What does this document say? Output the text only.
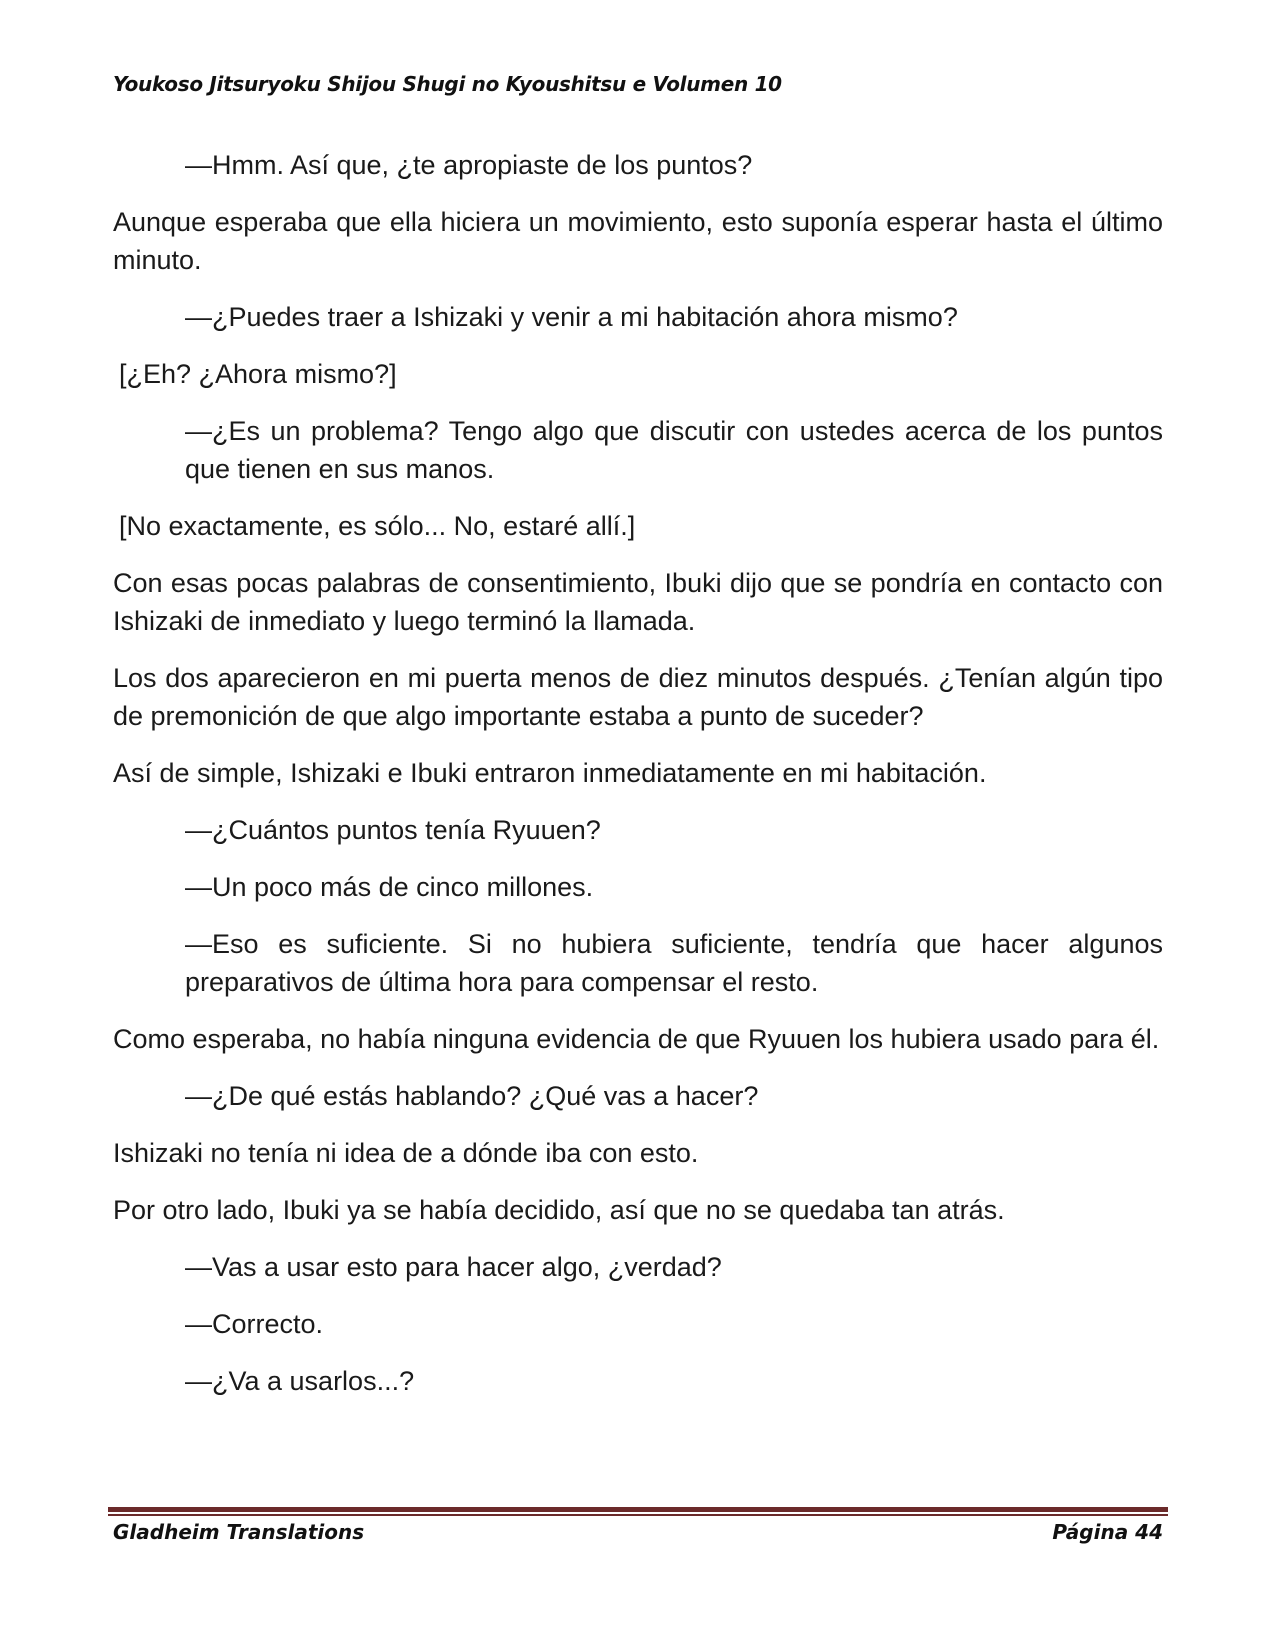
Youkoso Jitsuryoku Shijou Shugi no Kyoushitsu e Volumen 10

—Hmm. Así que, ¿te apropiaste de los puntos?

Aunque esperaba que ella hiciera un movimiento, esto suponía esperar hasta el último minuto.

—¿Puedes traer a Ishizaki y venir a mi habitación ahora mismo?

[¿Eh? ¿Ahora mismo?]

—¿Es un problema? Tengo algo que discutir con ustedes acerca de los puntos que tienen en sus manos.

[No exactamente, es sólo... No, estaré allí.]

Con esas pocas palabras de consentimiento, Ibuki dijo que se pondría en contacto con Ishizaki de inmediato y luego terminó la llamada.

Los dos aparecieron en mi puerta menos de diez minutos después. ¿Tenían algún tipo de premonición de que algo importante estaba a punto de suceder?

Así de simple, Ishizaki e Ibuki entraron inmediatamente en mi habitación.

—¿Cuántos puntos tenía Ryuuen?

—Un poco más de cinco millones.

—Eso es suficiente. Si no hubiera suficiente, tendría que hacer algunos preparativos de última hora para compensar el resto.

Como esperaba, no había ninguna evidencia de que Ryuuen los hubiera usado para él.

—¿De qué estás hablando? ¿Qué vas a hacer?

Ishizaki no tenía ni idea de a dónde iba con esto.

Por otro lado, Ibuki ya se había decidido, así que no se quedaba tan atrás.

—Vas a usar esto para hacer algo, ¿verdad?

—Correcto.

—¿Va a usarlos...?

Gladheim Translations	Página 44
